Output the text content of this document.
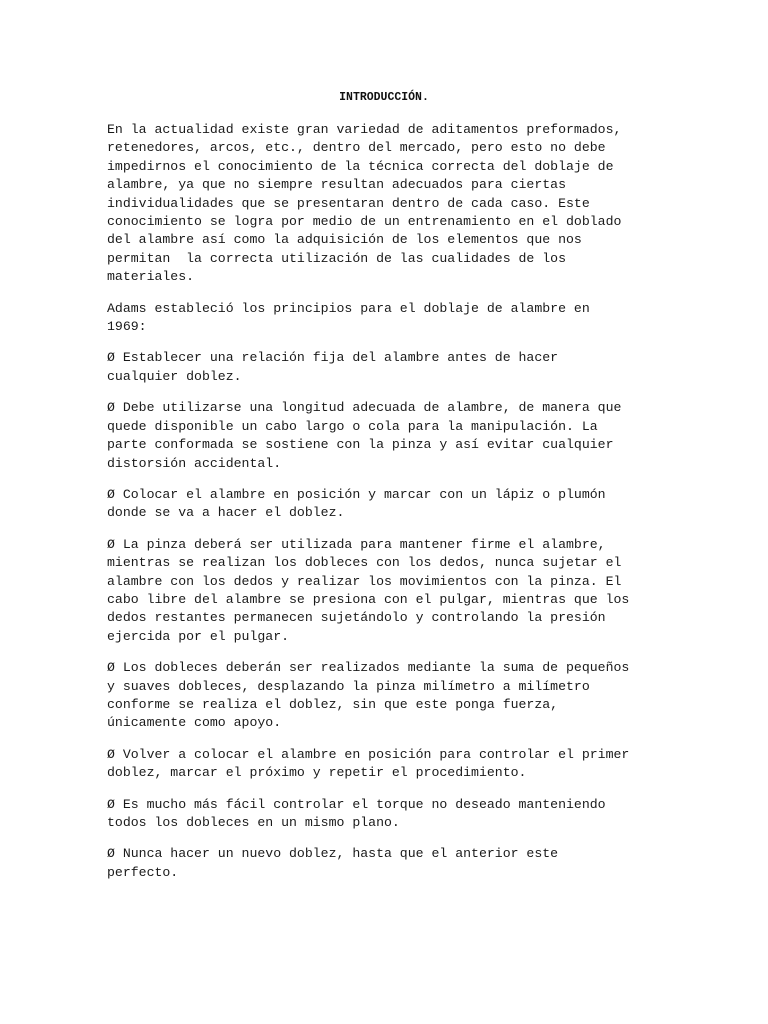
INTRODUCCIÓN.

En la actualidad existe gran variedad de aditamentos preformados,
retenedores, arcos, etc., dentro del mercado, pero esto no debe
impedirnos el conocimiento de la técnica correcta del doblaje de
alambre, ya que no siempre resultan adecuados para ciertas
individualidades que se presentaran dentro de cada caso. Este
conocimiento se logra por medio de un entrenamiento en el doblado
del alambre así como la adquisición de los elementos que nos
permitan  la correcta utilización de las cualidades de los
materiales.

Adams estableció los principios para el doblaje de alambre en
1969:

Ø Establecer una relación fija del alambre antes de hacer
cualquier doblez.

Ø Debe utilizarse una longitud adecuada de alambre, de manera que
quede disponible un cabo largo o cola para la manipulación. La
parte conformada se sostiene con la pinza y así evitar cualquier
distorsión accidental.

Ø Colocar el alambre en posición y marcar con un lápiz o plumón
donde se va a hacer el doblez.

Ø La pinza deberá ser utilizada para mantener firme el alambre,
mientras se realizan los dobleces con los dedos, nunca sujetar el
alambre con los dedos y realizar los movimientos con la pinza. El
cabo libre del alambre se presiona con el pulgar, mientras que los
dedos restantes permanecen sujetándolo y controlando la presión
ejercida por el pulgar.

Ø Los dobleces deberán ser realizados mediante la suma de pequeños
y suaves dobleces, desplazando la pinza milímetro a milímetro
conforme se realiza el doblez, sin que este ponga fuerza,
únicamente como apoyo.

Ø Volver a colocar el alambre en posición para controlar el primer
doblez, marcar el próximo y repetir el procedimiento.

Ø Es mucho más fácil controlar el torque no deseado manteniendo
todos los dobleces en un mismo plano.

Ø Nunca hacer un nuevo doblez, hasta que el anterior este
perfecto.
